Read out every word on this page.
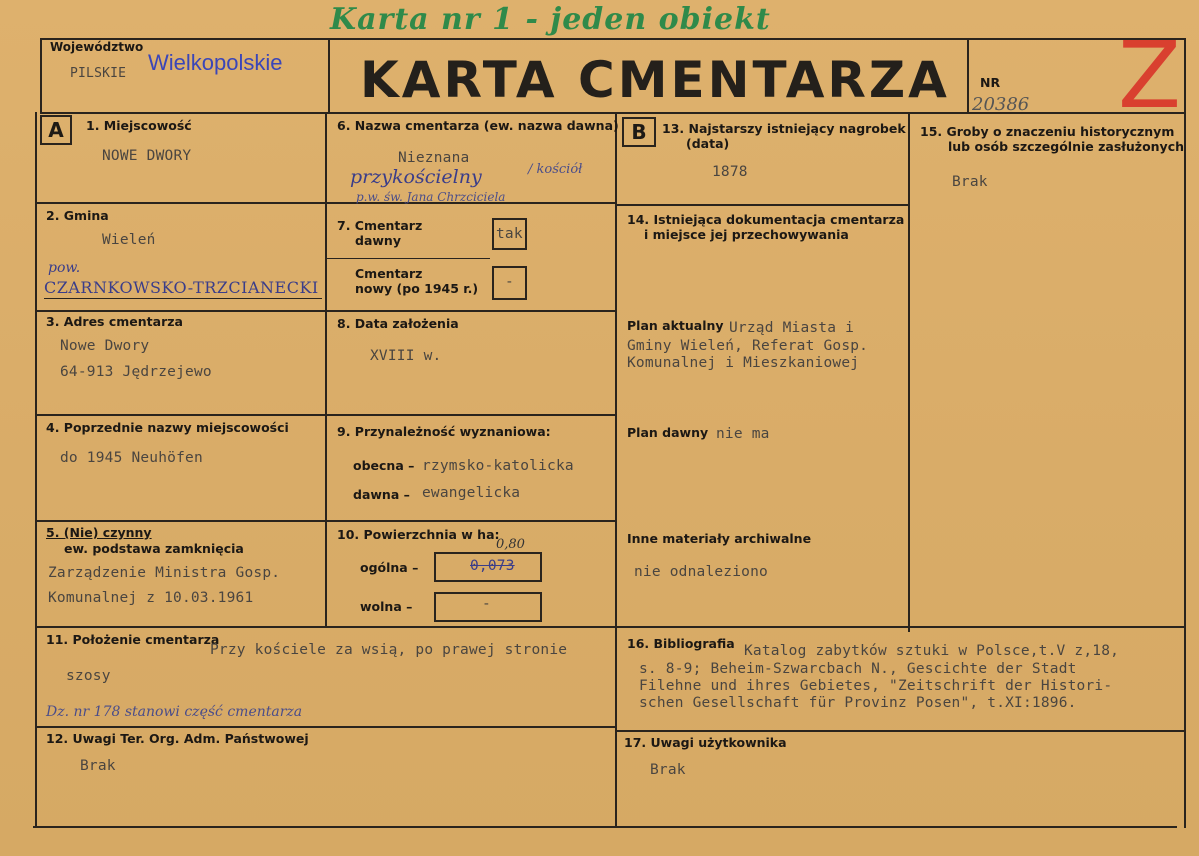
Karta nr 1 - jeden obiekt
Województwo
PILSKIE Wielkopolskie KARTA CMENTARZA NR
20386 Z
A	1. Miejscowość
NOWE DWORY
2. Gmina
Wieleń
pow.
CZARNKOWSKO-TRZCIANECKI
3. Adres cmentarza
Nowe Dwory
64-913 Jędrzejewo
4. Poprzednie nazwy miejscowości
do 1945 Neuhöfen
5. (Nie) czynny
ew. podstawa zamknięcia
Zarządzenie Ministra Gosp.
Komunalnej z 10.03.1961
6. Nazwa cmentarza (ew. nazwa dawna)
Nieznana
przykościelny	/ kościół
p.w. św. Jana Chrzciciela
7. Cmentarz
dawny	tak
Cmentarz
nowy (po 1945 r.) -
8. Data założenia
XVIII w.
9. Przynależność wyznaniowa:
obecna – rzymsko-katolicka
dawna – ewangelicka
10. Powierzchnia w ha:
0,80
ogólna –	0,073
wolna –	-
11. Położenie cmentarza
Przy kościele za wsią, po prawej stronie
szosy
Dz. nr 178 stanowi część cmentarza
12. Uwagi Ter. Org. Adm. Państwowej
Brak
B	13. Najstarszy istniejący nagrobek
(data)
1878
14. Istniejąca dokumentacja cmentarza
i miejsce jej przechowywania
Plan aktualny Urząd Miasta i
Gminy Wieleń, Referat Gosp.
Komunalnej i Mieszkaniowej
Plan dawny nie ma
Inne materiały archiwalne
nie odnaleziono
15. Groby o znaczeniu historycznym
lub osób szczególnie zasłużonych
Brak
16. Bibliografia Katalog zabytków sztuki w Polsce,t.V z,18,
s. 8-9; Beheim-Szwarcbach N., Gescichte der Stadt
Filehne und ihres Gebietes, "Zeitschrift der Histori-
schen Gesellschaft für Provinz Posen", t.XI:1896.
17. Uwagi użytkownika
Brak
